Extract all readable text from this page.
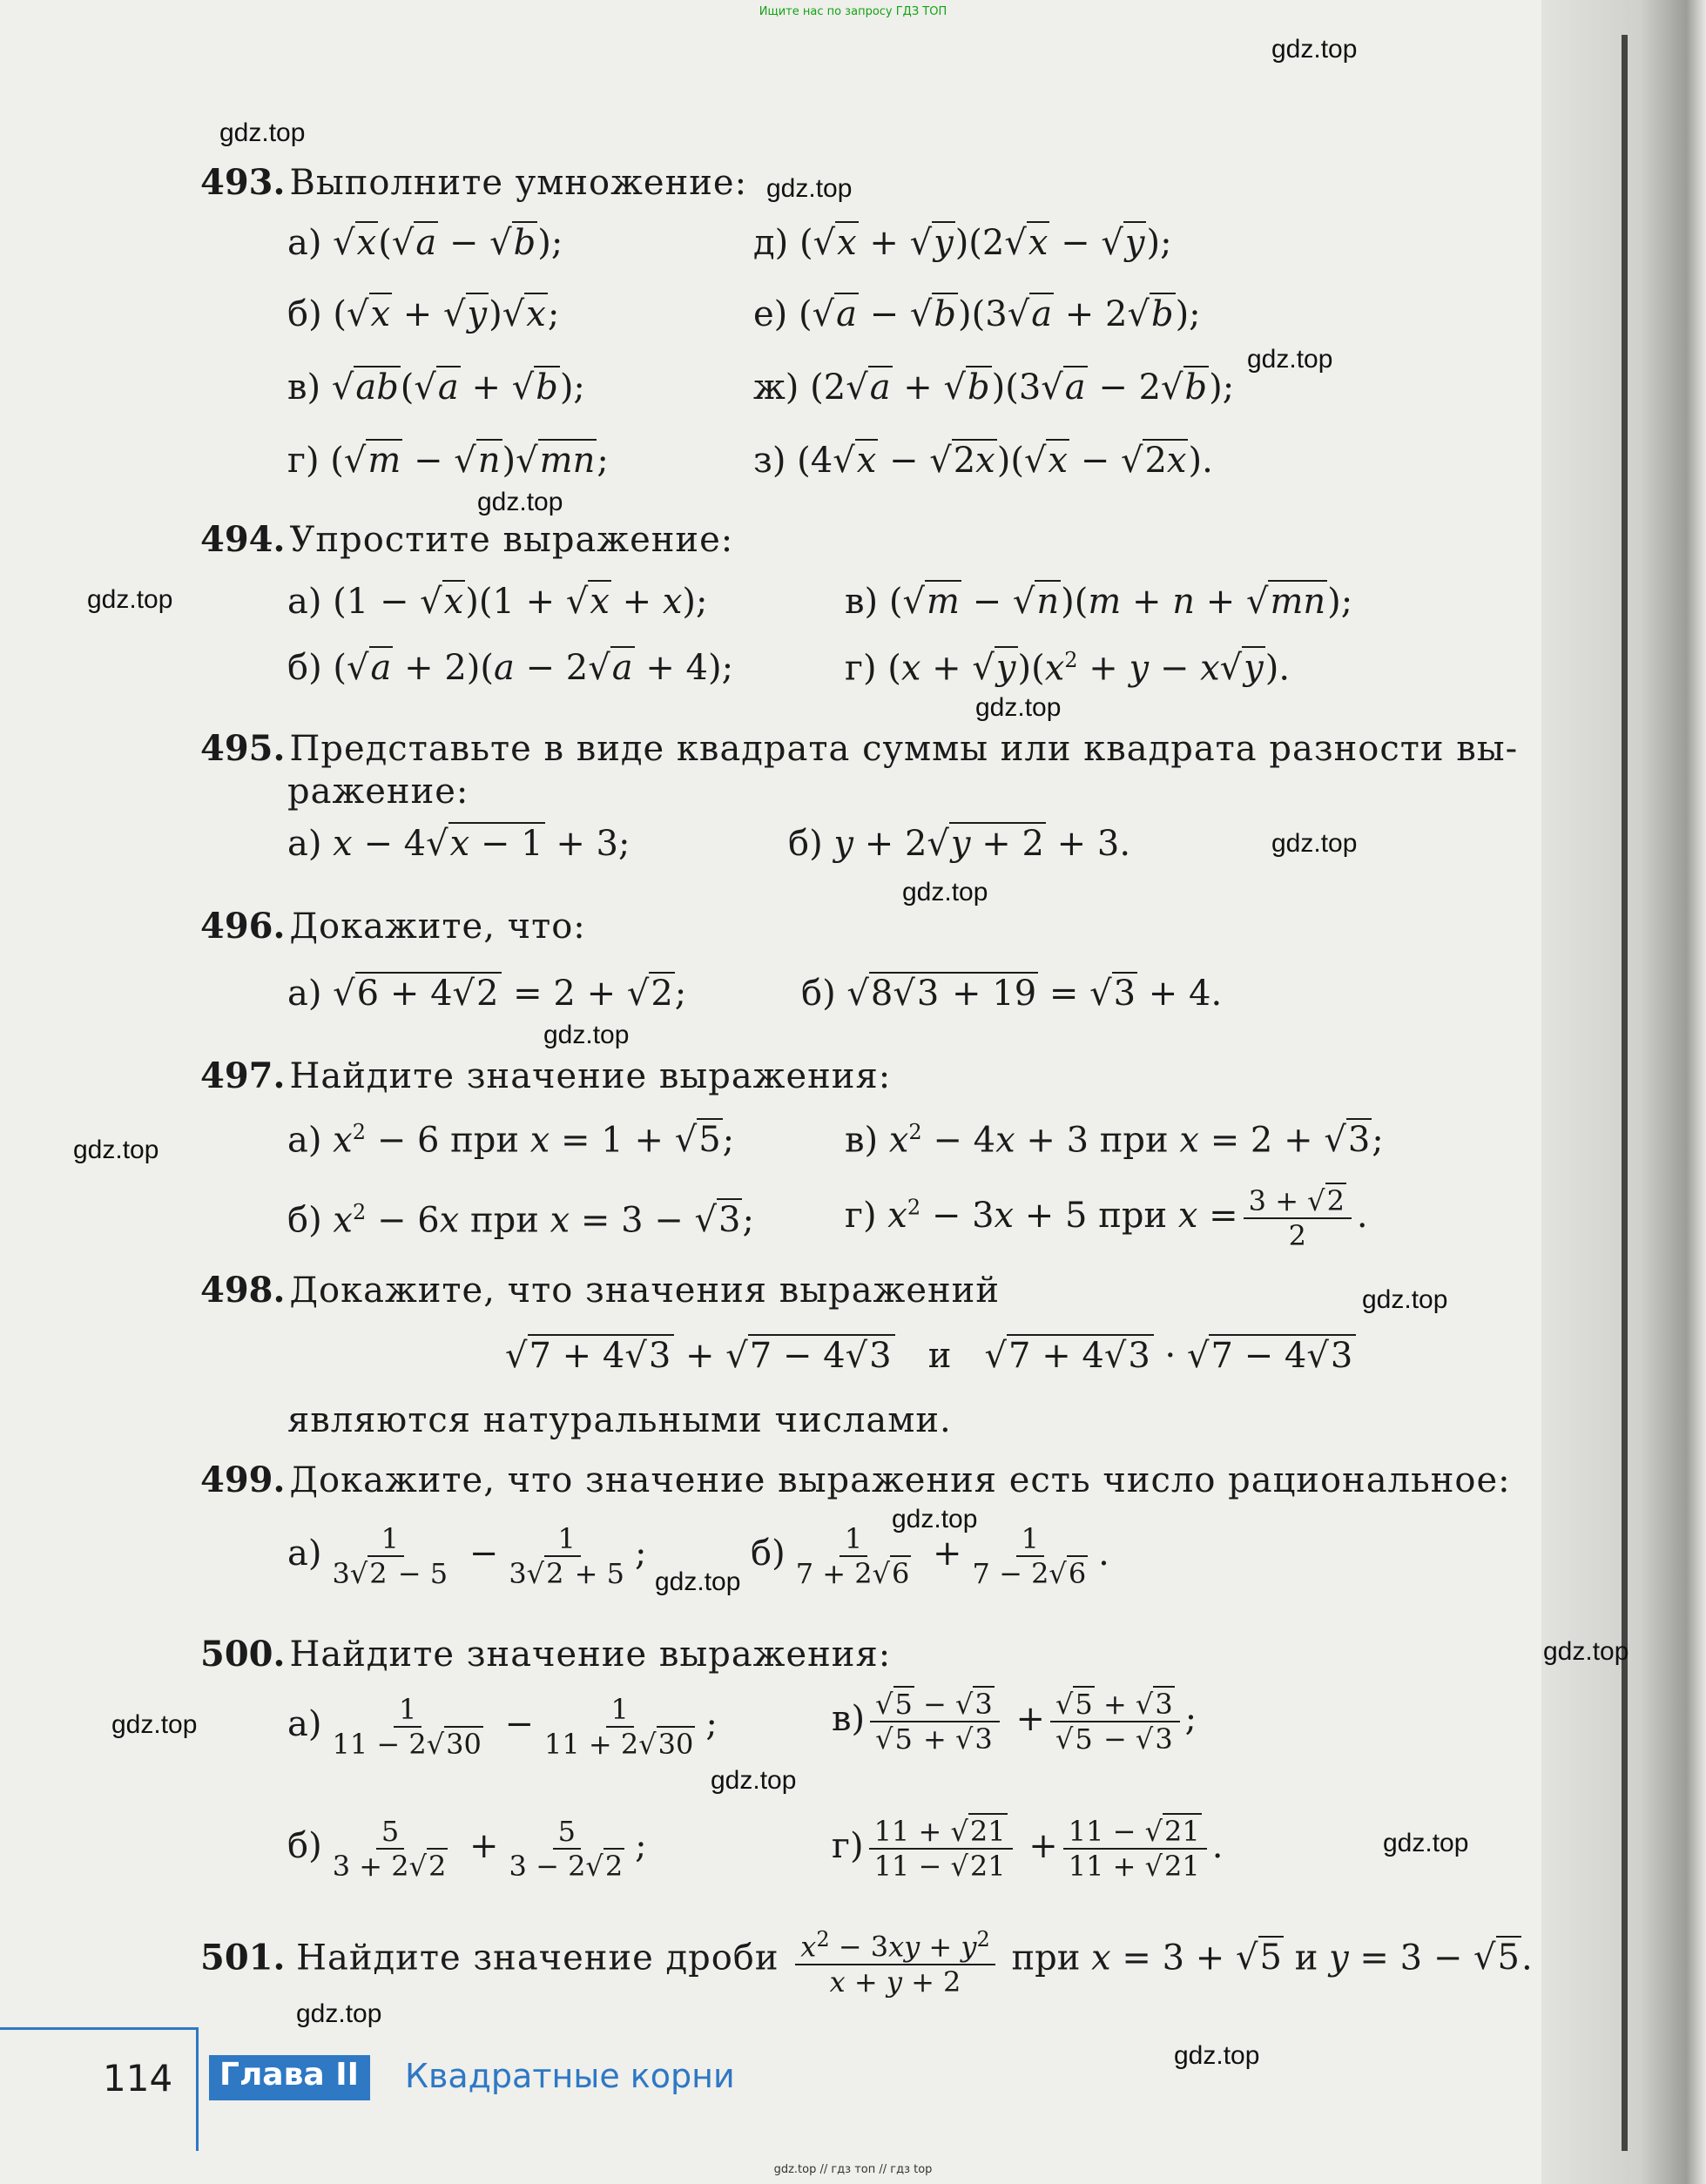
Ищите нас по запросу ГДЗ ТОП
gdz.top
gdz.top
gdz.top
gdz.top
gdz.top
gdz.top
gdz.top
gdz.top
gdz.top
gdz.top
gdz.top
gdz.top
gdz.top
gdz.top
gdz.top
gdz.top
gdz.top
gdz.top
gdz.top
gdz.top
493. Выполните умножение:
а) √x(√a − √b);	д) (√x + √y)(2√x − √y);
б) (√x + √y)√x;	е) (√a − √b)(3√a + 2√b);
в) √ab(√a + √b);	ж) (2√a + √b)(3√a − 2√b);
г) (√m − √n)√mn;	з) (4√x − √2x)(√x − √2x).
494. Упростите выражение:
а) (1 − √x)(1 + √x + x);	в) (√m − √n)(m + n + √mn);
б) (√a + 2)(a − 2√a + 4);	г) $(x + √y)(x^2 + y - x√y)$.
495. Представьте в виде квадрата суммы или квадрата разности вы-
ражение:
а) x − 4√x − 1 + 3;	б) y + 2√y + 2 + 3.
496. Докажите, что:
а) √6 + 4√2 = 2 + √2;	б) √8√3 + 19 = √3 + 4.
497. Найдите значение выражения:
а) $x^2 - 6$ при x = 1 + √5;	в) $x^2 - 4x + 3$ при x = 2 + √3;
б) $x^2 - 6x$ при x = 3 − √3;	г) $x^2 - 3x + 5$ при $x = \frac{3 + √2}{2}$ .
498. Докажите, что значения выражений
√7 + 4√3 + √7 − 4√3 и √7 + 4√3 · √7 − 4√3
являются натуральными числами.
499. Докажите, что значение выражения есть число рациональное:
$а) \frac{1}{3√2 - 5} - \frac{1}{3√2 + 5}$ ;	$б) \frac{1}{7 + 2√6} + \frac{1}{7 - 2√6}$ .
500. Найдите значение выражения:
$а) \frac{1}{11 - 2√30} - \frac{1}{11 + 2√30}$ ;	$в) \frac{√5 - √3}{√5 + √3} + \frac{√5 + √3}{√5 - √3}$ ;
$б) \frac{5}{3 + 2√2} + \frac{5}{3 - 2√2}$ ;	$г) \frac{11 + √21}{11 - √21} + \frac{11 - √21}{11 + √21}$ .
501. Найдите значение дроби $\frac{x^2 - 3xy + y^2}{x + y + 2}$ при x = 3 + √5 и y = 3 − √5.
114 Глава II Квадратные корни
gdz.top // гдз топ // гдз top
